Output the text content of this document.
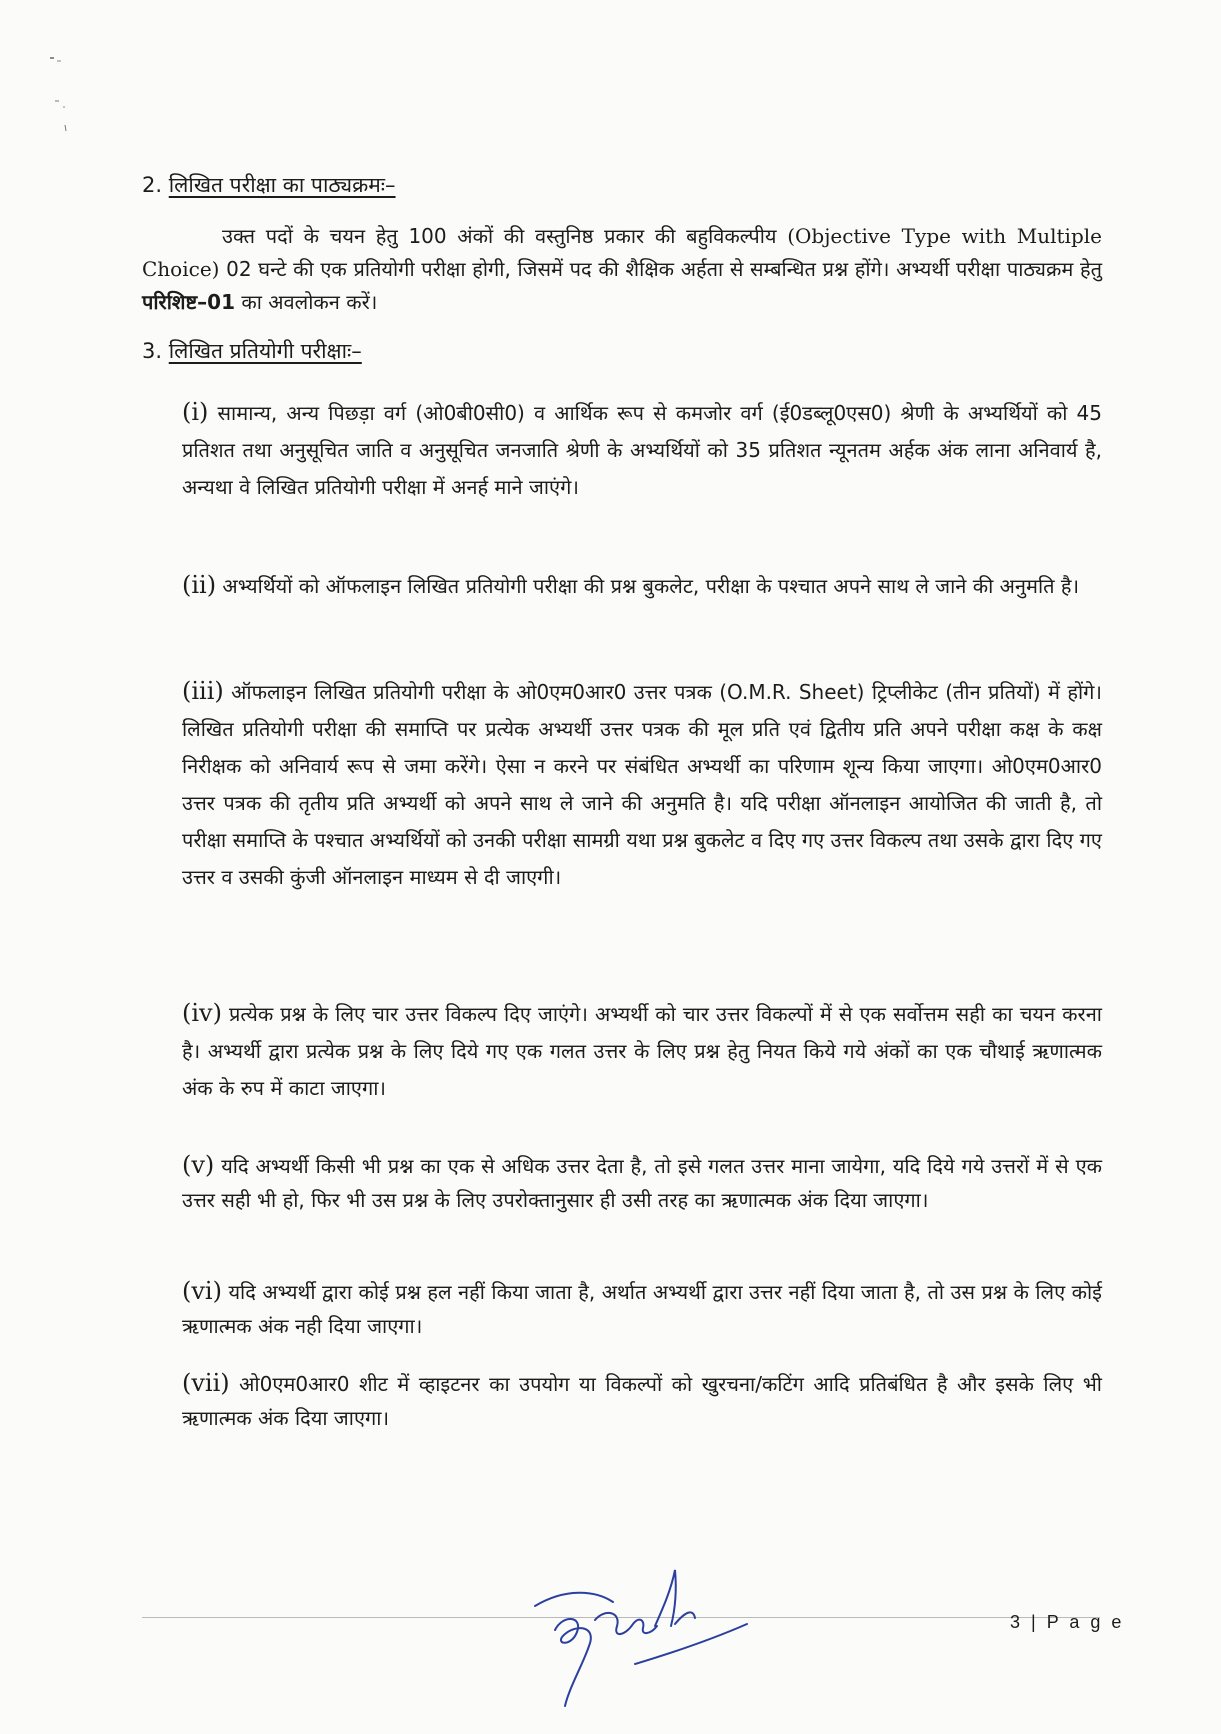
2. लिखित परीक्षा का पाठ्यक्रमः–
उक्त पदों के चयन हेतु 100 अंकों की वस्तुनिष्ठ प्रकार की बहुविकल्पीय (Objective Type with Multiple Choice) 02 घन्टे की एक प्रतियोगी परीक्षा होगी, जिसमें पद की शैक्षिक अर्हता से सम्बन्धित प्रश्न होंगे। अभ्यर्थी परीक्षा पाठ्यक्रम हेतु परिशिष्ट–01 का अवलोकन करें।
3. लिखित प्रतियोगी परीक्षाः–
(i) सामान्य, अन्य पिछड़ा वर्ग (ओ0बी0सी0) व आर्थिक रूप से कमजोर वर्ग (ई0डब्लू0एस0) श्रेणी के अभ्यर्थियों को 45 प्रतिशत तथा अनुसूचित जाति व अनुसूचित जनजाति श्रेणी के अभ्यर्थियों को 35 प्रतिशत न्यूनतम अर्हक अंक लाना अनिवार्य है, अन्यथा वे लिखित प्रतियोगी परीक्षा में अनर्ह माने जाएंगे।
(ii) अभ्यर्थियों को ऑफलाइन लिखित प्रतियोगी परीक्षा की प्रश्न बुकलेट, परीक्षा के पश्चात अपने साथ ले जाने की अनुमति है।
(iii) ऑफलाइन लिखित प्रतियोगी परीक्षा के ओ0एम0आर0 उत्तर पत्रक (O.M.R. Sheet) ट्रिप्लीकेट (तीन प्रतियों) में होंगे। लिखित प्रतियोगी परीक्षा की समाप्ति पर प्रत्येक अभ्यर्थी उत्तर पत्रक की मूल प्रति एवं द्वितीय प्रति अपने परीक्षा कक्ष के कक्ष निरीक्षक को अनिवार्य रूप से जमा करेंगे। ऐसा न करने पर संबंधित अभ्यर्थी का परिणाम शून्य किया जाएगा। ओ0एम0आर0 उत्तर पत्रक की तृतीय प्रति अभ्यर्थी को अपने साथ ले जाने की अनुमति है। यदि परीक्षा ऑनलाइन आयोजित की जाती है, तो परीक्षा समाप्ति के पश्चात अभ्यर्थियों को उनकी परीक्षा सामग्री यथा प्रश्न बुकलेट व दिए गए उत्तर विकल्प तथा उसके द्वारा दिए गए उत्तर व उसकी कुंजी ऑनलाइन माध्यम से दी जाएगी।
(iv) प्रत्येक प्रश्न के लिए चार उत्तर विकल्प दिए जाएंगे। अभ्यर्थी को चार उत्तर विकल्पों में से एक सर्वोत्तम सही का चयन करना है। अभ्यर्थी द्वारा प्रत्येक प्रश्न के लिए दिये गए एक गलत उत्तर के लिए प्रश्न हेतु नियत किये गये अंकों का एक चौथाई ऋणात्मक अंक के रुप में काटा जाएगा।
(v) यदि अभ्यर्थी किसी भी प्रश्न का एक से अधिक उत्तर देता है, तो इसे गलत उत्तर माना जायेगा, यदि दिये गये उत्तरों में से एक उत्तर सही भी हो, फिर भी उस प्रश्न के लिए उपरोक्तानुसार ही उसी तरह का ऋणात्मक अंक दिया जाएगा।
(vi) यदि अभ्यर्थी द्वारा कोई प्रश्न हल नहीं किया जाता है, अर्थात अभ्यर्थी द्वारा उत्तर नहीं दिया जाता है, तो उस प्रश्न के लिए कोई ऋणात्मक अंक नही दिया जाएगा।
(vii) ओ0एम0आर0 शीट में व्हाइटनर का उपयोग या विकल्पों को खुरचना/कटिंग आदि प्रतिबंधित है और इसके लिए भी ऋणात्मक अंक दिया जाएगा।
3 | P a g e
